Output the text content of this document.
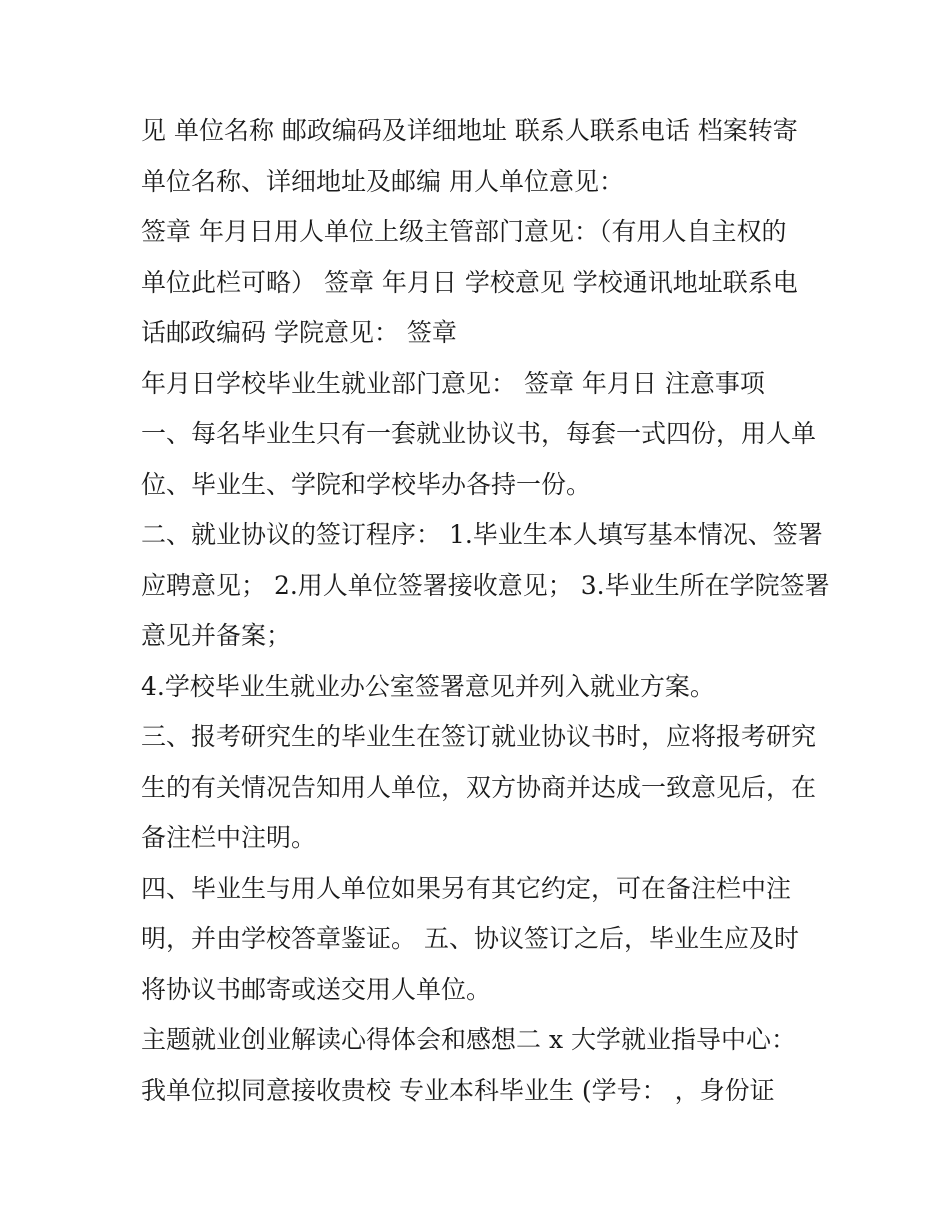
见 单位名称 邮政编码及详细地址 联系人联系电话 档案转寄
单位名称、详细地址及邮编 用人单位意见：
签章 年月日用人单位上级主管部门意见：（有用人自主权的
单位此栏可略） 签章 年月日 学校意见 学校通讯地址联系电
话邮政编码 学院意见： 签章
年月日学校毕业生就业部门意见： 签章 年月日 注意事项
一、每名毕业生只有一套就业协议书，每套一式四份，用人单
位、毕业生、学院和学校毕办各持一份。
二、就业协议的签订程序： 1.毕业生本人填写基本情况、签署
应聘意见； 2.用人单位签署接收意见； 3.毕业生所在学院签署
意见并备案；
4.学校毕业生就业办公室签署意见并列入就业方案。
三、报考研究生的毕业生在签订就业协议书时，应将报考研究
生的有关情况告知用人单位，双方协商并达成一致意见后，在
备注栏中注明。
四、毕业生与用人单位如果另有其它约定，可在备注栏中注
明，并由学校答章鉴证。 五、协议签订之后，毕业生应及时
将协议书邮寄或送交用人单位。
主题就业创业解读心得体会和感想二 x 大学就业指导中心：
我单位拟同意接收贵校 专业本科毕业生 (学号： ，身份证
